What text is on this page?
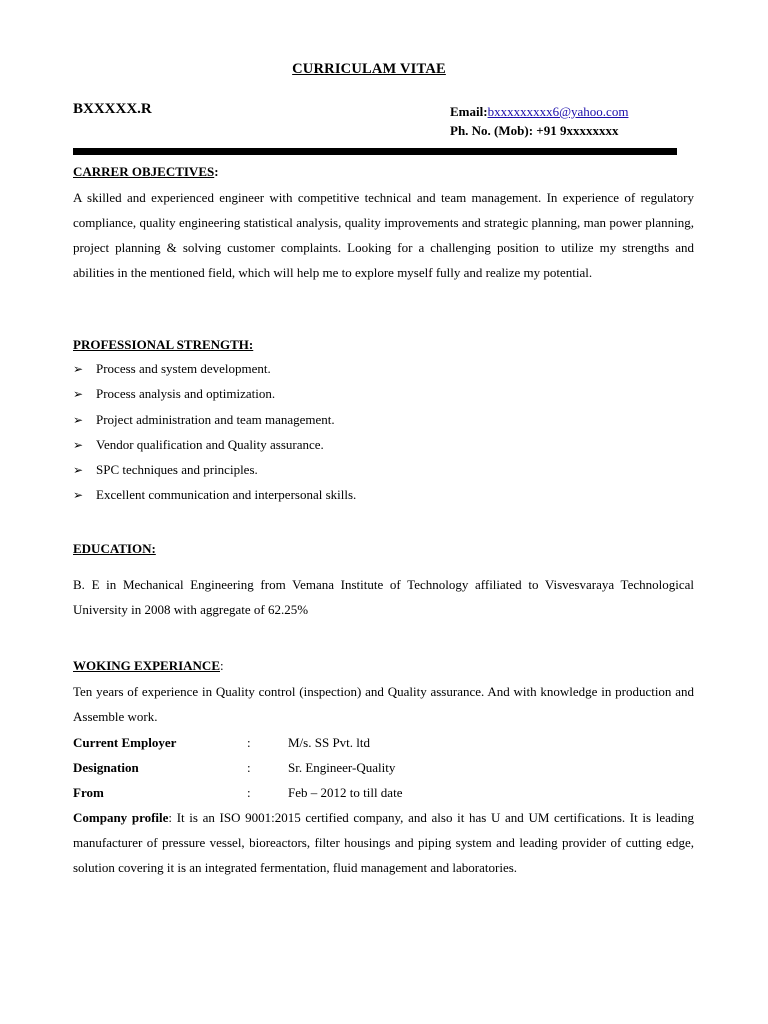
CURRICULAM VITAE
BXXXXX.R	Email:bxxxxxxxxx6@yahoo.com
Ph. No. (Mob): +91 9xxxxxxxx
CARRER OBJECTIVES:
A skilled and experienced engineer with competitive technical and team management. In experience of regulatory compliance, quality engineering statistical analysis, quality improvements and strategic planning, man power planning, project planning & solving customer complaints. Looking for a challenging position to utilize my strengths and abilities in the mentioned field, which will help me to explore myself fully and realize my potential.
PROFESSIONAL STRENGTH:
➢ Process and system development.
➢ Process analysis and optimization.
➢ Project administration and team management.
➢ Vendor qualification and Quality assurance.
➢ SPC techniques and principles.
➢ Excellent communication and interpersonal skills.
EDUCATION:
B. E in Mechanical Engineering from Vemana Institute of Technology affiliated to Visvesvaraya Technological University in 2008 with aggregate of 62.25%
WOKING EXPERIANCE:
Ten years of experience in Quality control (inspection) and Quality assurance. And with knowledge in production and Assemble work.
Current Employer	:	M/s. SS Pvt. ltd
Designation	:	Sr. Engineer-Quality
From	:	Feb – 2012 to till date
Company profile: It is an ISO 9001:2015 certified company, and also it has U and UM certifications. It is leading manufacturer of pressure vessel, bioreactors, filter housings and piping system and leading provider of cutting edge, solution covering it is an integrated fermentation, fluid management and laboratories.
